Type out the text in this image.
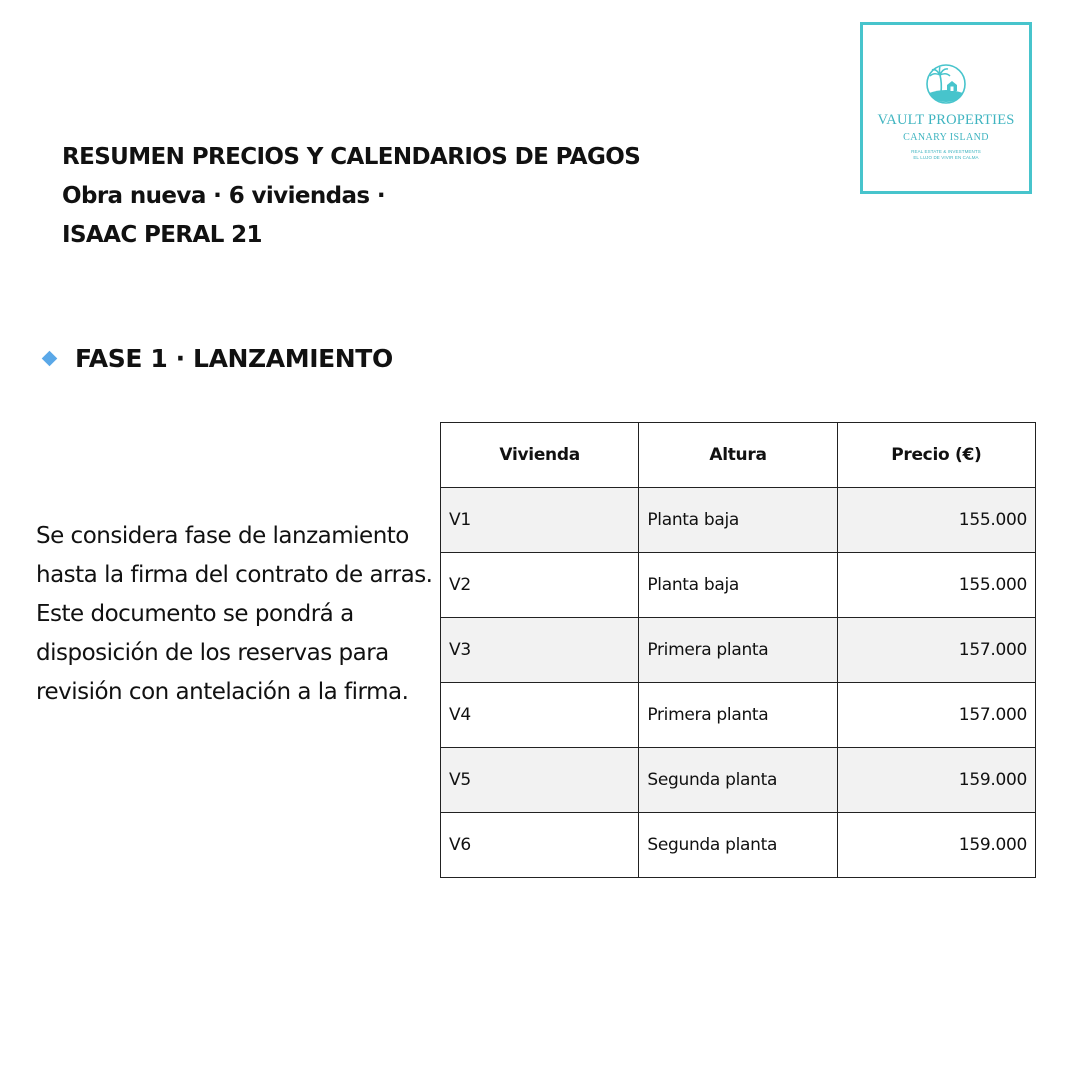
VAULT PROPERTIES
CANARY ISLAND
REAL ESTATE & INVESTMENTS
EL LUJO DE VIVIR EN CALMA
RESUMEN PRECIOS Y CALENDARIOS DE PAGOS
Obra nueva · 6 viviendas ·
ISAAC PERAL 21
FASE 1 · LANZAMIENTO
Se considera fase de lanzamiento hasta la firma del contrato de arras. Este documento se pondrá a disposición de los reservas para revisión con antelación a la firma.
Vivienda	Altura	Precio (€)
V1	Planta baja	155.000
V2	Planta baja	155.000
V3	Primera planta	157.000
V4	Primera planta	157.000
V5	Segunda planta	159.000
V6	Segunda planta	159.000
